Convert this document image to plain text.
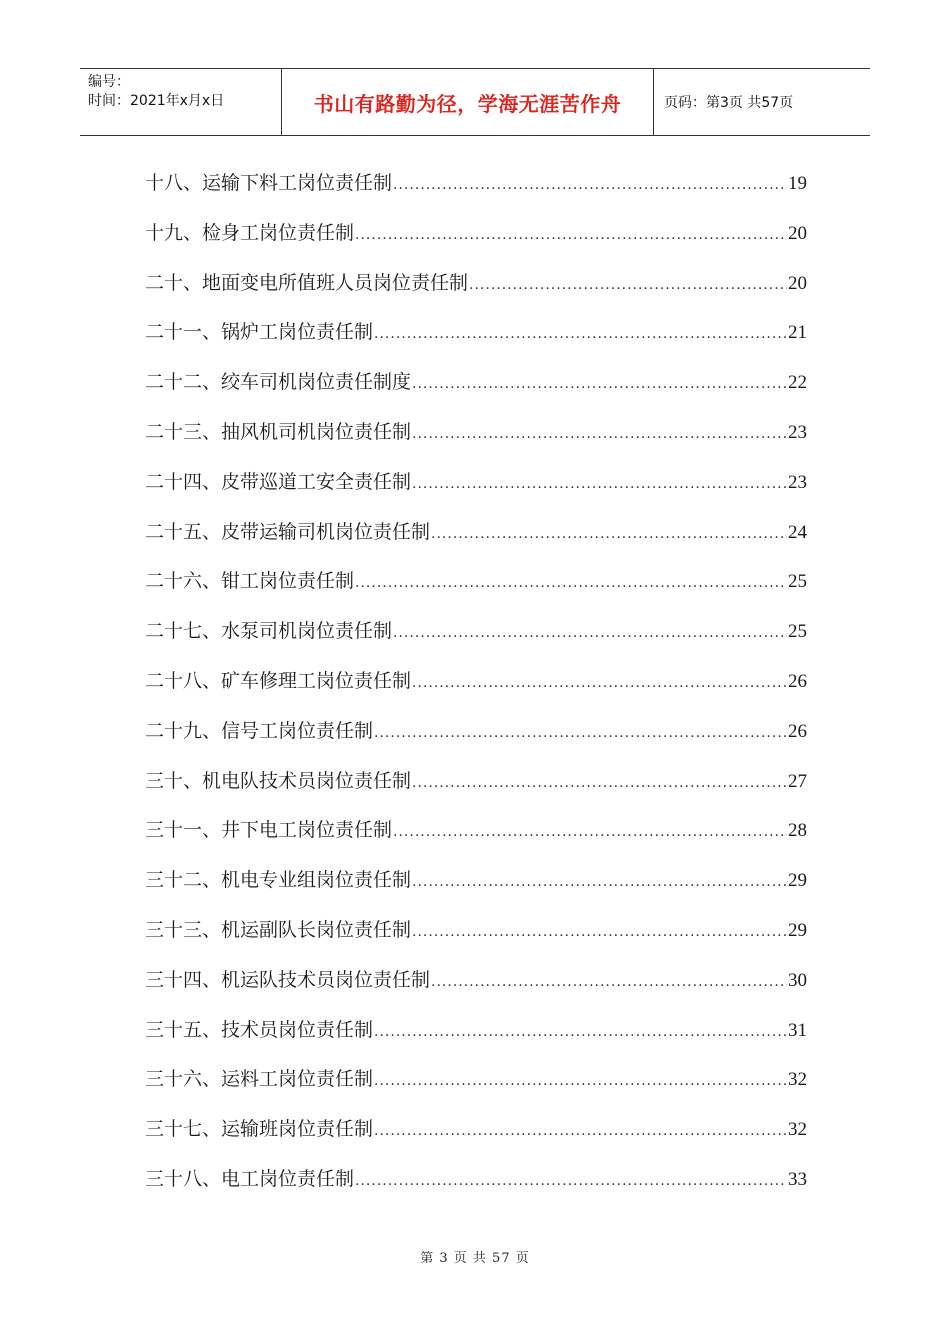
编号：
时间：2021年x月x日	书山有路勤为径，学海无涯苦作舟	页码：第3页 共57页
十八、运输下料工岗位责任制 .....	19
十九、检身工岗位责任制 .....	20
二十、地面变电所值班人员岗位责任制 .....	20
二十一、锅炉工岗位责任制 .....	21
二十二、绞车司机岗位责任制度 .....	22
二十三、抽风机司机岗位责任制 .....	23
二十四、皮带巡道工安全责任制 .....	23
二十五、皮带运输司机岗位责任制 .....	24
二十六、钳工岗位责任制 .....	25
二十七、水泵司机岗位责任制 .....	25
二十八、矿车修理工岗位责任制 .....	26
二十九、信号工岗位责任制 .....	26
三十、机电队技术员岗位责任制 .....	27
三十一、井下电工岗位责任制 .....	28
三十二、机电专业组岗位责任制 .....	29
三十三、机运副队长岗位责任制 .....	29
三十四、机运队技术员岗位责任制 .....	30
三十五、技术员岗位责任制 .....	31
三十六、运料工岗位责任制 .....	32
三十七、运输班岗位责任制 .....	32
三十八、电工岗位责任制 .....	33
第 3 页 共 57 页
